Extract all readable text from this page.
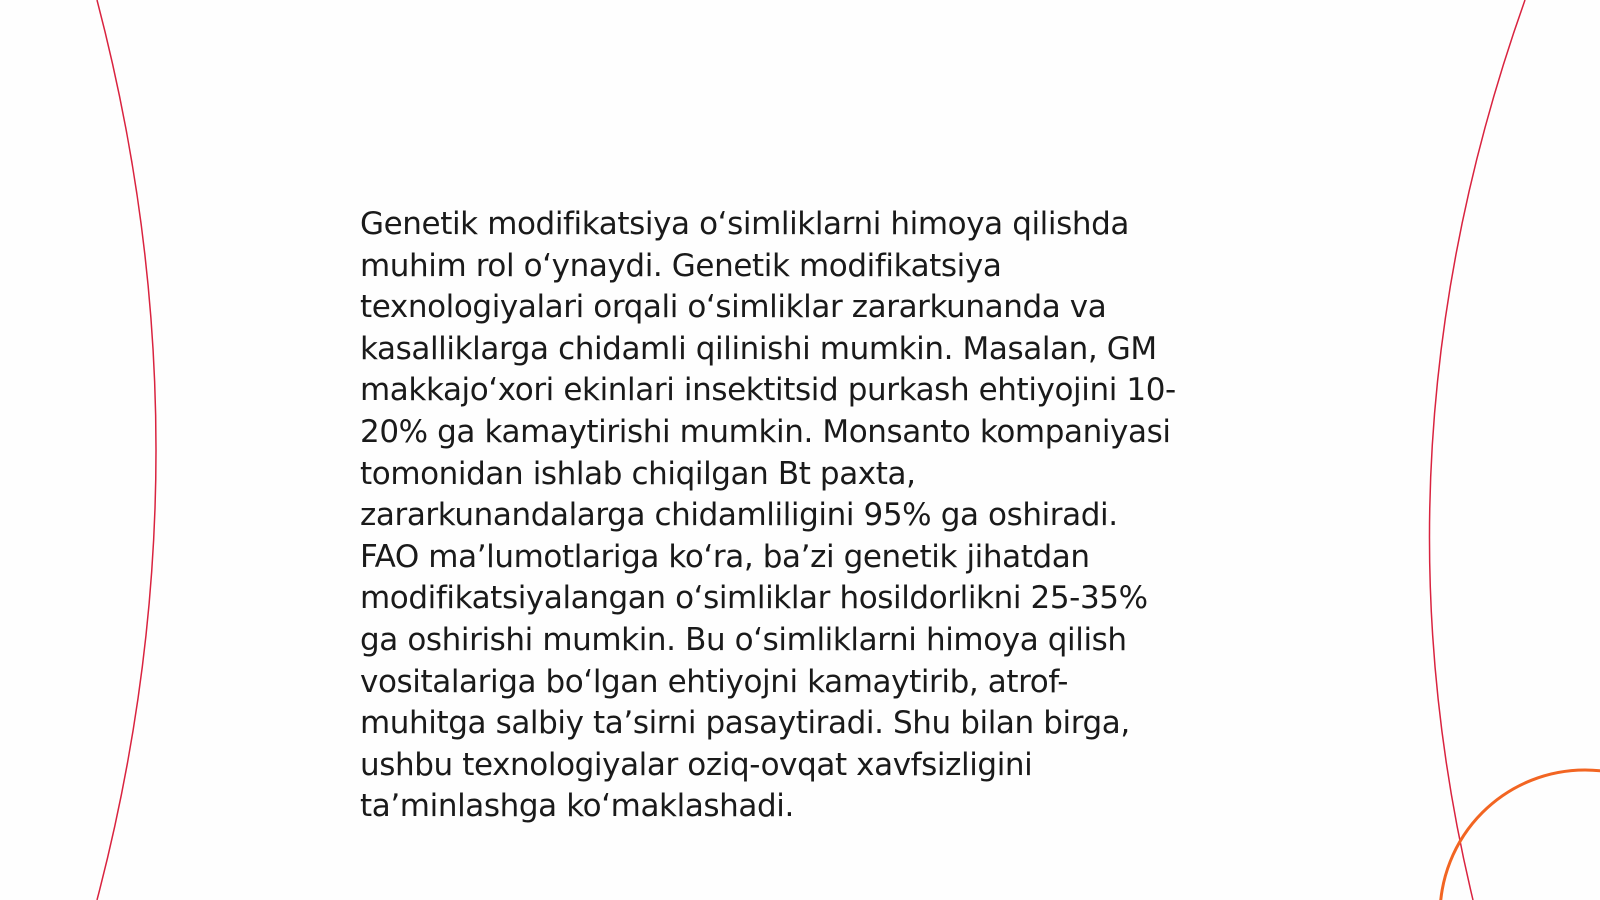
Genetik modifikatsiya o‘simliklarni himoya qilishda
muhim rol o‘ynaydi. Genetik modifikatsiya
texnologiyalari orqali o‘simliklar zararkunanda va
kasalliklarga chidamli qilinishi mumkin. Masalan, GM
makkajo‘xori ekinlari insektitsid purkash ehtiyojini 10-
20% ga kamaytirishi mumkin. Monsanto kompaniyasi
tomonidan ishlab chiqilgan Bt paxta,
zararkunandalarga chidamliligini 95% ga oshiradi.
FAO ma’lumotlariga ko‘ra, ba’zi genetik jihatdan
modifikatsiyalangan o‘simliklar hosildorlikni 25-35%
ga oshirishi mumkin. Bu o‘simliklarni himoya qilish
vositalariga bo‘lgan ehtiyojni kamaytirib, atrof-
muhitga salbiy ta’sirni pasaytiradi. Shu bilan birga,
ushbu texnologiyalar oziq-ovqat xavfsizligini
ta’minlashga ko‘maklashadi.
